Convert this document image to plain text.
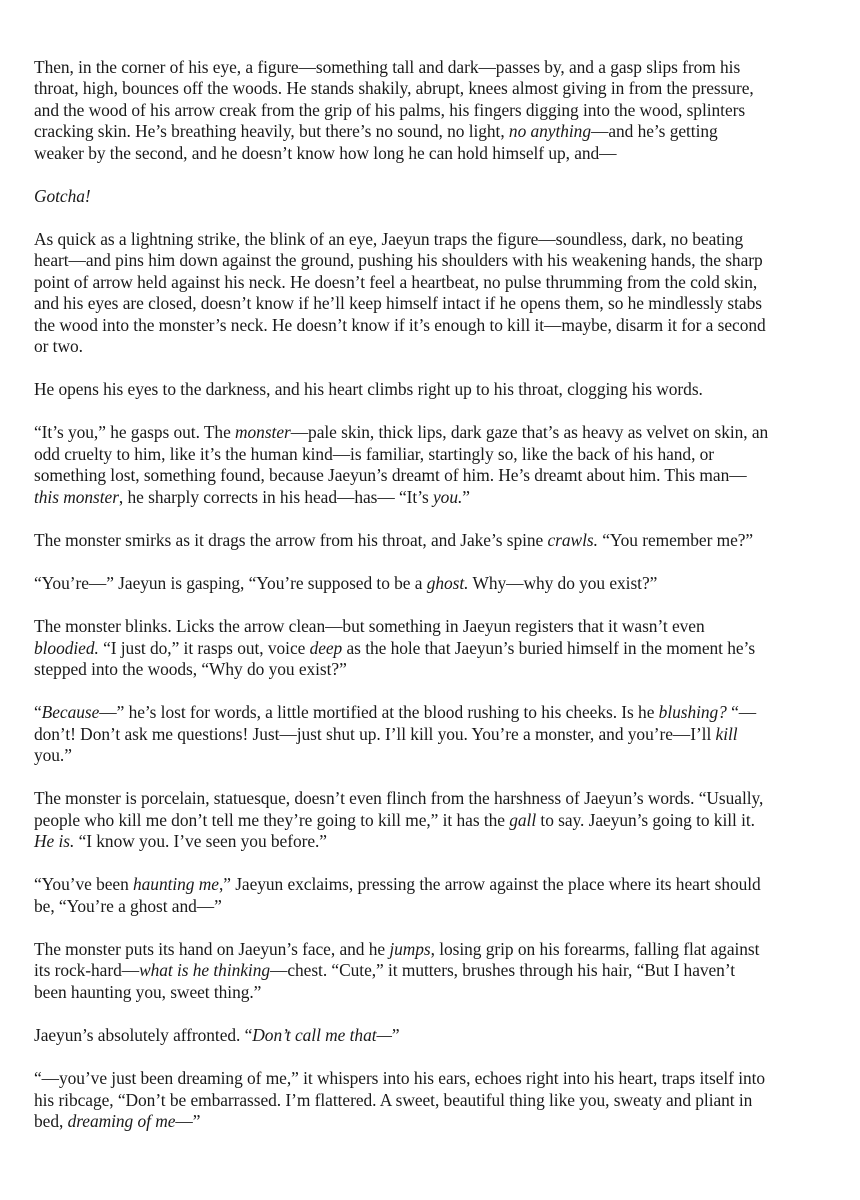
Then, in the corner of his eye, a figure—something tall and dark—passes by, and a gasp slips from his
throat, high, bounces off the woods. He stands shakily, abrupt, knees almost giving in from the pressure,
and the wood of his arrow creak from the grip of his palms, his fingers digging into the wood, splinters
cracking skin. He’s breathing heavily, but there’s no sound, no light, no anything—and he’s getting
weaker by the second, and he doesn’t know how long he can hold himself up, and—

Gotcha!

As quick as a lightning strike, the blink of an eye, Jaeyun traps the figure—soundless, dark, no beating
heart—and pins him down against the ground, pushing his shoulders with his weakening hands, the sharp
point of arrow held against his neck. He doesn’t feel a heartbeat, no pulse thrumming from the cold skin,
and his eyes are closed, doesn’t know if he’ll keep himself intact if he opens them, so he mindlessly stabs
the wood into the monster’s neck. He doesn’t know if it’s enough to kill it—maybe, disarm it for a second
or two.

He opens his eyes to the darkness, and his heart climbs right up to his throat, clogging his words.

“It’s you,” he gasps out. The monster—pale skin, thick lips, dark gaze that’s as heavy as velvet on skin, an
odd cruelty to him, like it’s the human kind—is familiar, startingly so, like the back of his hand, or
something lost, something found, because Jaeyun’s dreamt of him. He’s dreamt about him. This man—
this monster, he sharply corrects in his head—has— “It’s you.”

The monster smirks as it drags the arrow from his throat, and Jake’s spine crawls. “You remember me?”

“You’re—” Jaeyun is gasping, “You’re supposed to be a ghost. Why—why do you exist?”

The monster blinks. Licks the arrow clean—but something in Jaeyun registers that it wasn’t even
bloodied. “I just do,” it rasps out, voice deep as the hole that Jaeyun’s buried himself in the moment he’s
stepped into the woods, “Why do you exist?”

“Because—” he’s lost for words, a little mortified at the blood rushing to his cheeks. Is he blushing? “—
don’t! Don’t ask me questions! Just—just shut up. I’ll kill you. You’re a monster, and you’re—I’ll kill
you.”

The monster is porcelain, statuesque, doesn’t even flinch from the harshness of Jaeyun’s words. “Usually,
people who kill me don’t tell me they’re going to kill me,” it has the gall to say. Jaeyun’s going to kill it.
He is. “I know you. I’ve seen you before.”

“You’ve been haunting me,” Jaeyun exclaims, pressing the arrow against the place where its heart should
be, “You’re a ghost and—”

The monster puts its hand on Jaeyun’s face, and he jumps, losing grip on his forearms, falling flat against
its rock-hard—what is he thinking—chest. “Cute,” it mutters, brushes through his hair, “But I haven’t
been haunting you, sweet thing.”

Jaeyun’s absolutely affronted. “Don’t call me that—”

“—you’ve just been dreaming of me,” it whispers into his ears, echoes right into his heart, traps itself into
his ribcage, “Don’t be embarrassed. I’m flattered. A sweet, beautiful thing like you, sweaty and pliant in
bed, dreaming of me—”
